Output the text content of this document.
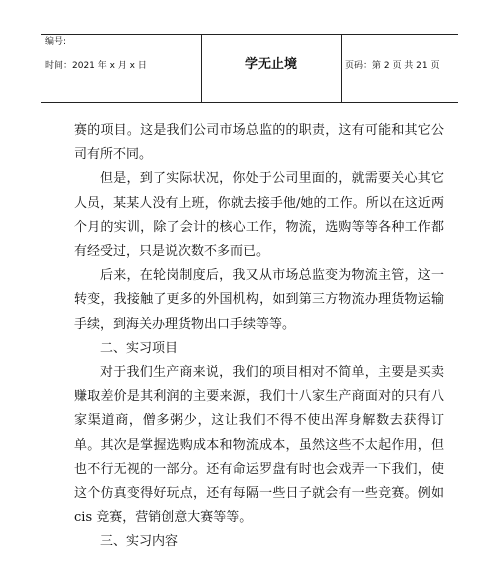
编号:
时间：2021 年 x 月 x 日	学无止境	页码：第 2 页 共 21 页

赛的项目。这是我们公司市场总监的的职责，这有可能和其它公司有所不同。

但是，到了实际状况，你处于公司里面的，就需要关心其它人员，某某人没有上班，你就去接手他/她的工作。所以在这近两个月的实训，除了会计的核心工作，物流，选购等等各种工作都有经受过，只是说次数不多而已。

后来，在轮岗制度后，我又从市场总监变为物流主管，这一转变，我接触了更多的外国机构，如到第三方物流办理货物运输手续，到海关办理货物出口手续等等。

二、实习项目

对于我们生产商来说，我们的项目相对不简单，主要是买卖赚取差价是其利润的主要来源，我们十八家生产商面对的只有八家渠道商，僧多粥少，这让我们不得不使出浑身解数去获得订单。其次是掌握选购成本和物流成本，虽然这些不太起作用，但也不行无视的一部分。还有命运罗盘有时也会戏弄一下我们，使这个仿真变得好玩点，还有每隔一些日子就会有一些竞赛。例如 cis 竞赛，营销创意大赛等等。

三、实习内容
